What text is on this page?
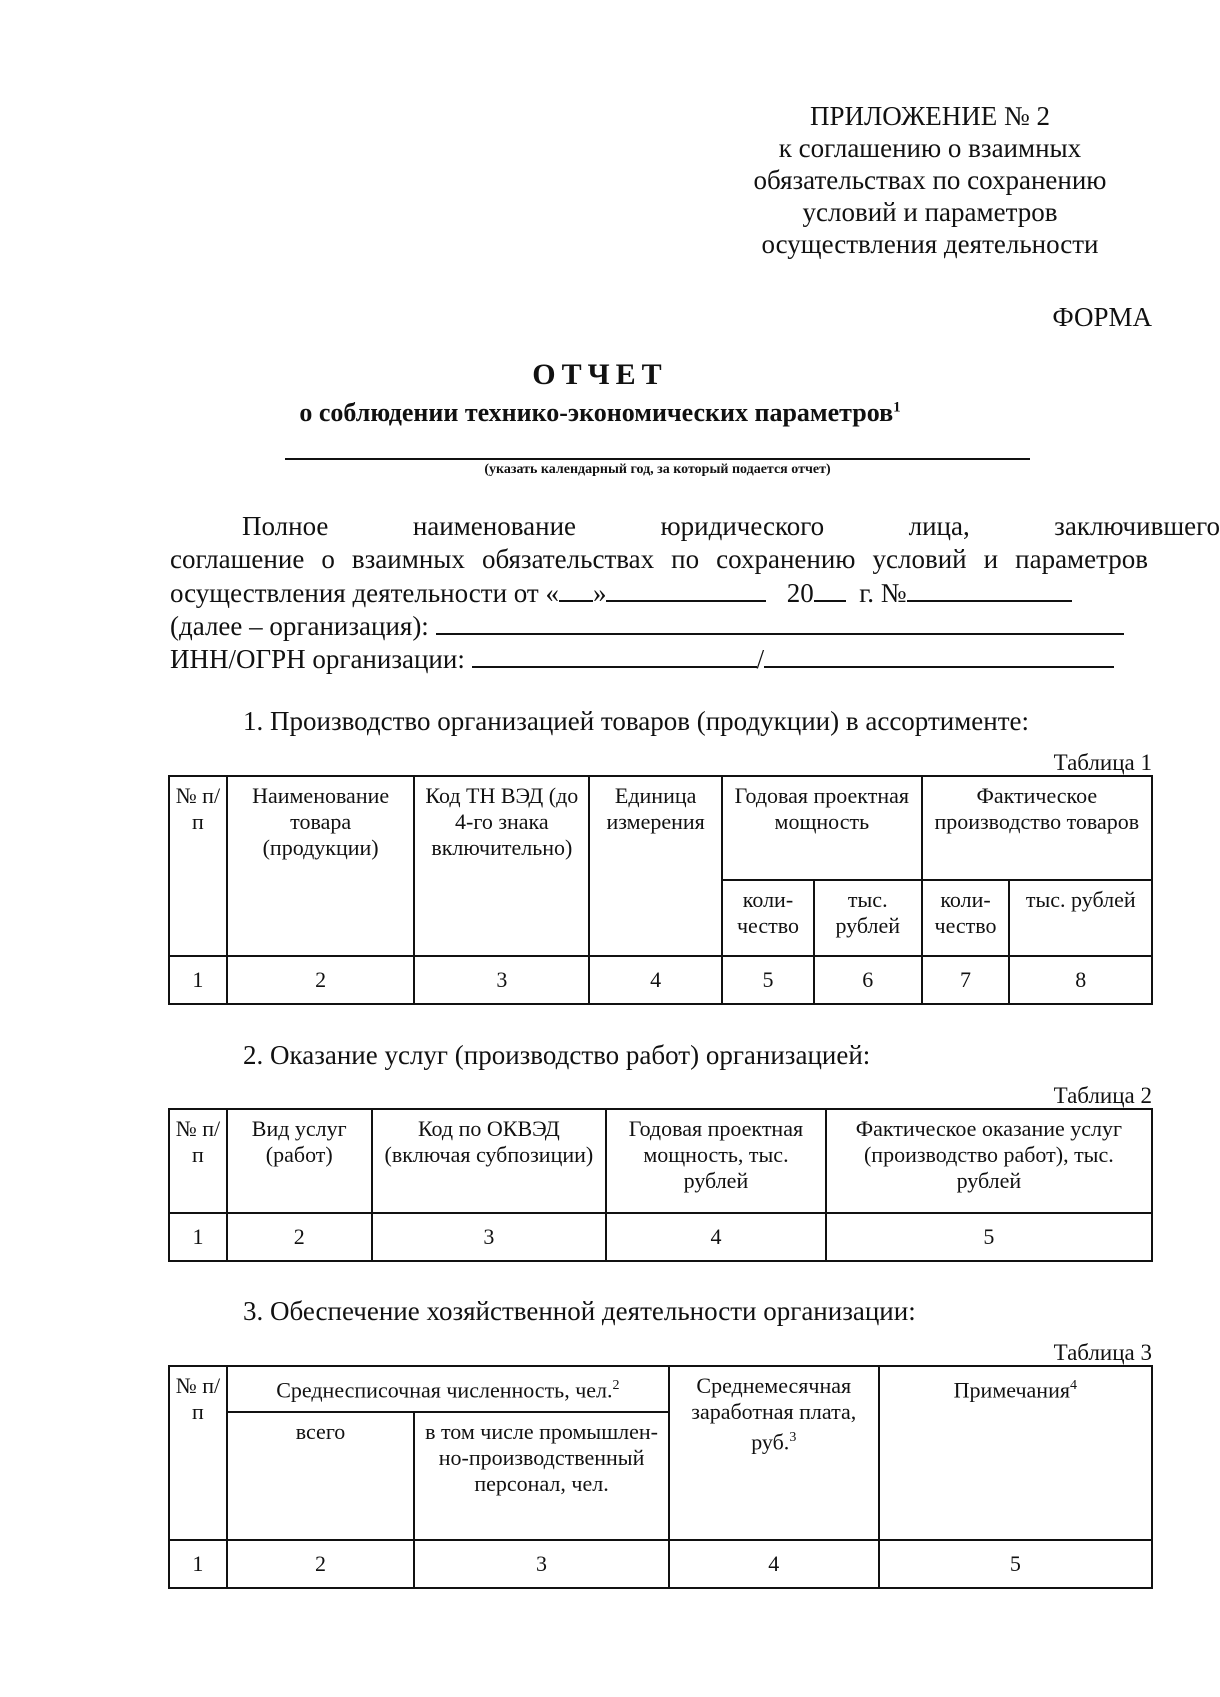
ПРИЛОЖЕНИЕ № 2
к соглашению о взаимных
обязательствах по сохранению
условий и параметров
осуществления деятельности
ФОРМА
ОТЧЕТ
о соблюдении технико-экономических параметров$^1$
(указать календарный год, за который подается отчет)
Полное	наименование	юридического	лица,	заключившего
соглашение о взаимных обязательствах по сохранению условий и параметров
осуществления деятельности от « »	20 г. №
(далее – организация):
ИНН/ОГРН организации:	/
1. Производство организацией товаров (продукции) в ассортименте:
Таблица 1
№ п/п	Наименование товара (продукции)	Код ТН ВЭД (до 4-го знака включительно)	Единица измерения	Годовая проектная мощность		Фактическое производство товаров	
				коли-чество	тыс. рублей	коли-чество	тыс. рублей
1	2	3	4	5	6	7	8
2. Оказание услуг (производство работ) организацией:
Таблица 2
№ п/п	Вид услуг (работ)	Код по ОКВЭД (включая субпозиции)	Годовая проектная мощность, тыс. рублей	Фактическое оказание услуг (производство работ), тыс. рублей
1	2	3	4	5
3. Обеспечение хозяйственной деятельности организации:
Таблица 3
№ п/п	Среднесписочная численность, чел.$^2$		Среднемесячная заработная плата, руб.$^3$	Примечания$^4$
	всего	в том числе промышлен-но-производственный персонал, чел.		
1	2	3	4	5
